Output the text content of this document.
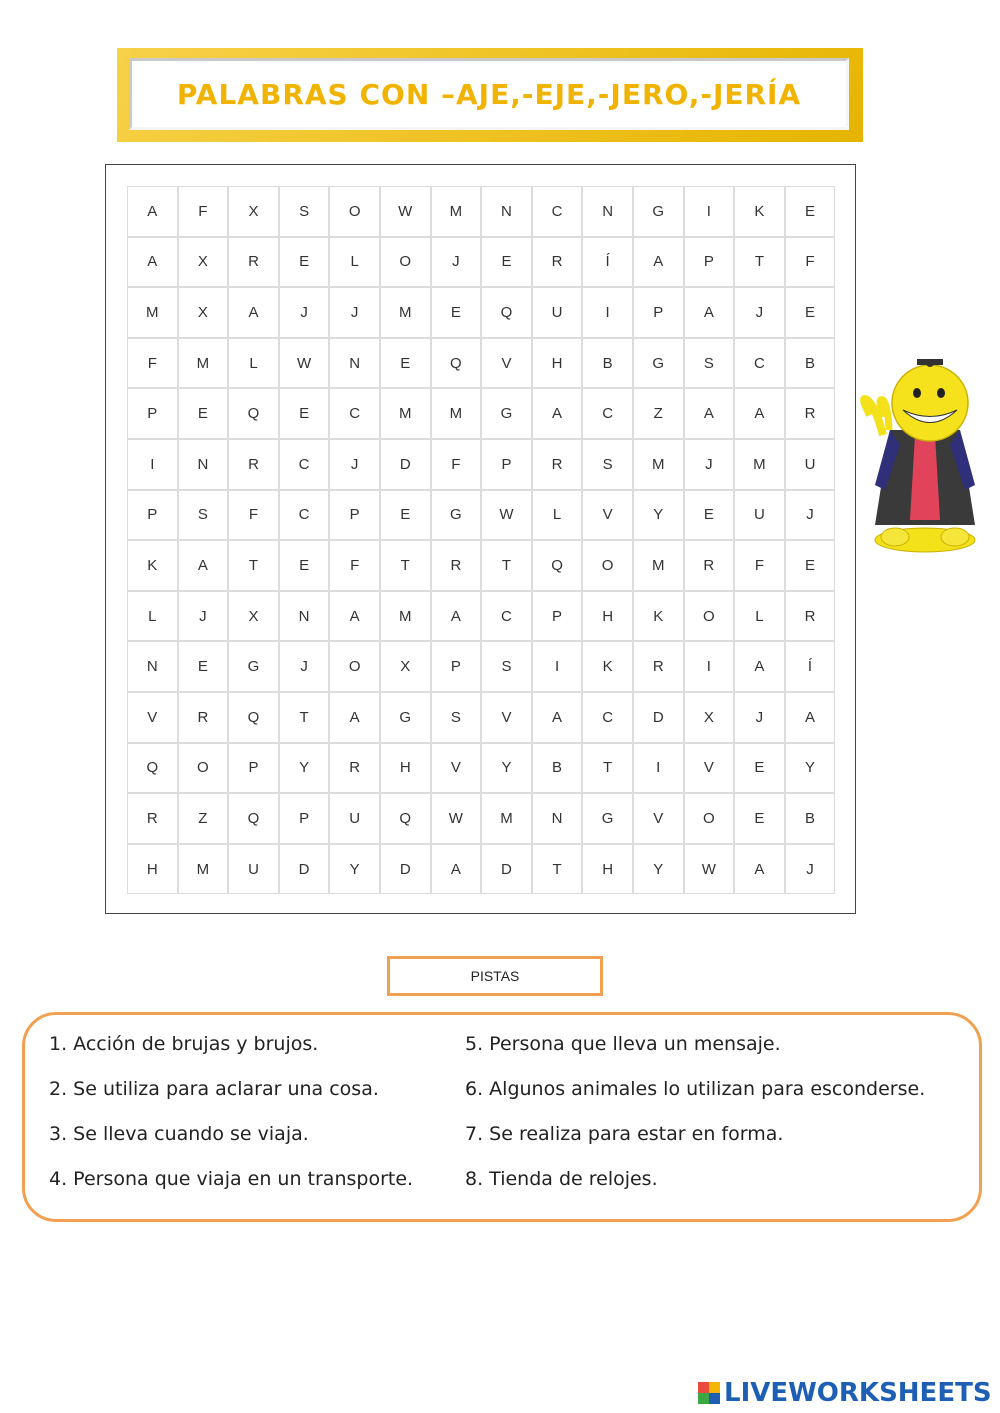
PALABRAS CON –AJE,-EJE,-JERO,-JERÍA
A	F	X	S	O	W	M	N	C	N	G	I	K	E
A	X	R	E	L	O	J	E	R	Í	A	P	T	F
M	X	A	J	J	M	E	Q	U	I	P	A	J	E
F	M	L	W	N	E	Q	V	H	B	G	S	C	B
P	E	Q	E	C	M	M	G	A	C	Z	A	A	R
I	N	R	C	J	D	F	P	R	S	M	J	M	U
P	S	F	C	P	E	G	W	L	V	Y	E	U	J
K	A	T	E	F	T	R	T	Q	O	M	R	F	E
L	J	X	N	A	M	A	C	P	H	K	O	L	R
N	E	G	J	O	X	P	S	I	K	R	I	A	Í
V	R	Q	T	A	G	S	V	A	C	D	X	J	A
Q	O	P	Y	R	H	V	Y	B	T	I	V	E	Y
R	Z	Q	P	U	Q	W	M	N	G	V	O	E	B
H	M	U	D	Y	D	A	D	T	H	Y	W	A	J
PISTAS
1. Acción de brujas y brujos.
2. Se utiliza para aclarar una cosa.
3. Se lleva cuando se viaja.
4. Persona que viaja en un transporte.
5. Persona que lleva un mensaje.
6. Algunos animales lo utilizan para esconderse.
7. Se realiza para estar en forma.
8. Tienda de relojes.
LIVEWORKSHEETS
